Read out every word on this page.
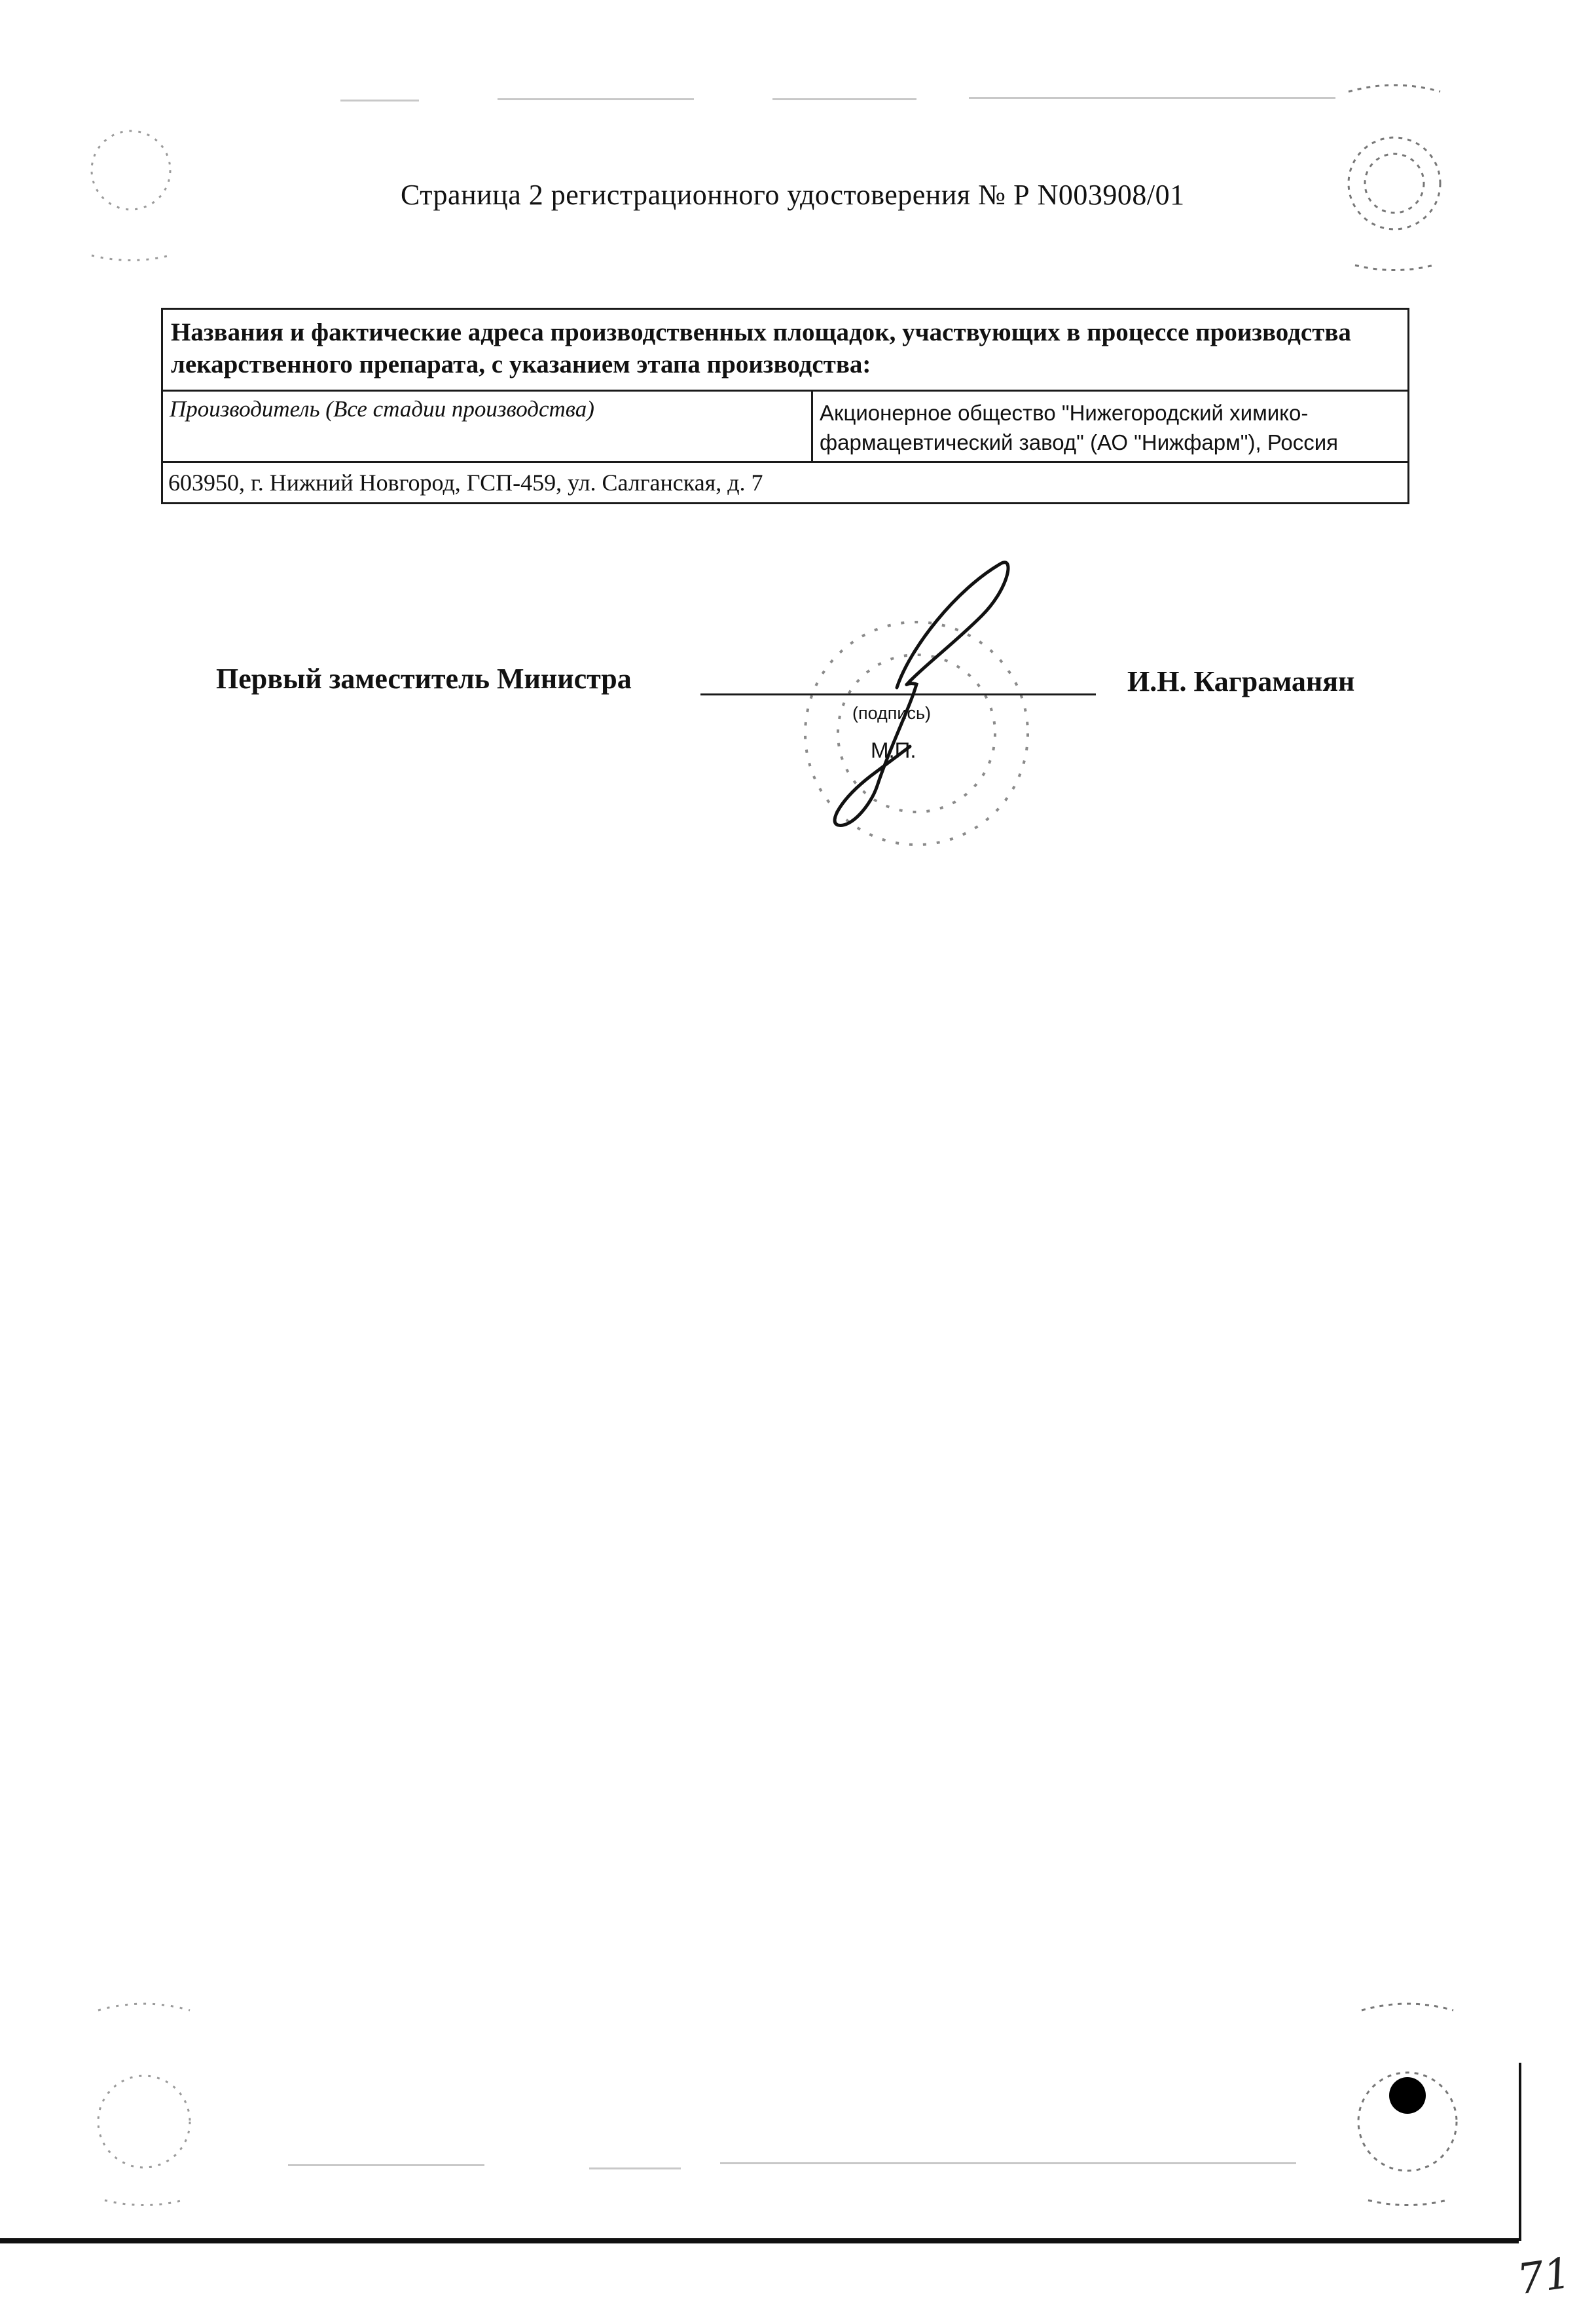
Страница 2 регистрационного удостоверения № Р N003908/01
Названия и фактические адреса производственных площадок, участвующих в процессе производства лекарственного препарата, с указанием этапа производства:
Производитель (Все стадии производства)	Акционерное общество "Нижегородский химико-фармацевтический завод" (АО "Нижфарм"), Россия
603950, г. Нижний Новгород, ГСП-459, ул. Салганская, д. 7
Первый заместитель Министра
(подпись)
М.П.
И.Н. Каграманян
71
